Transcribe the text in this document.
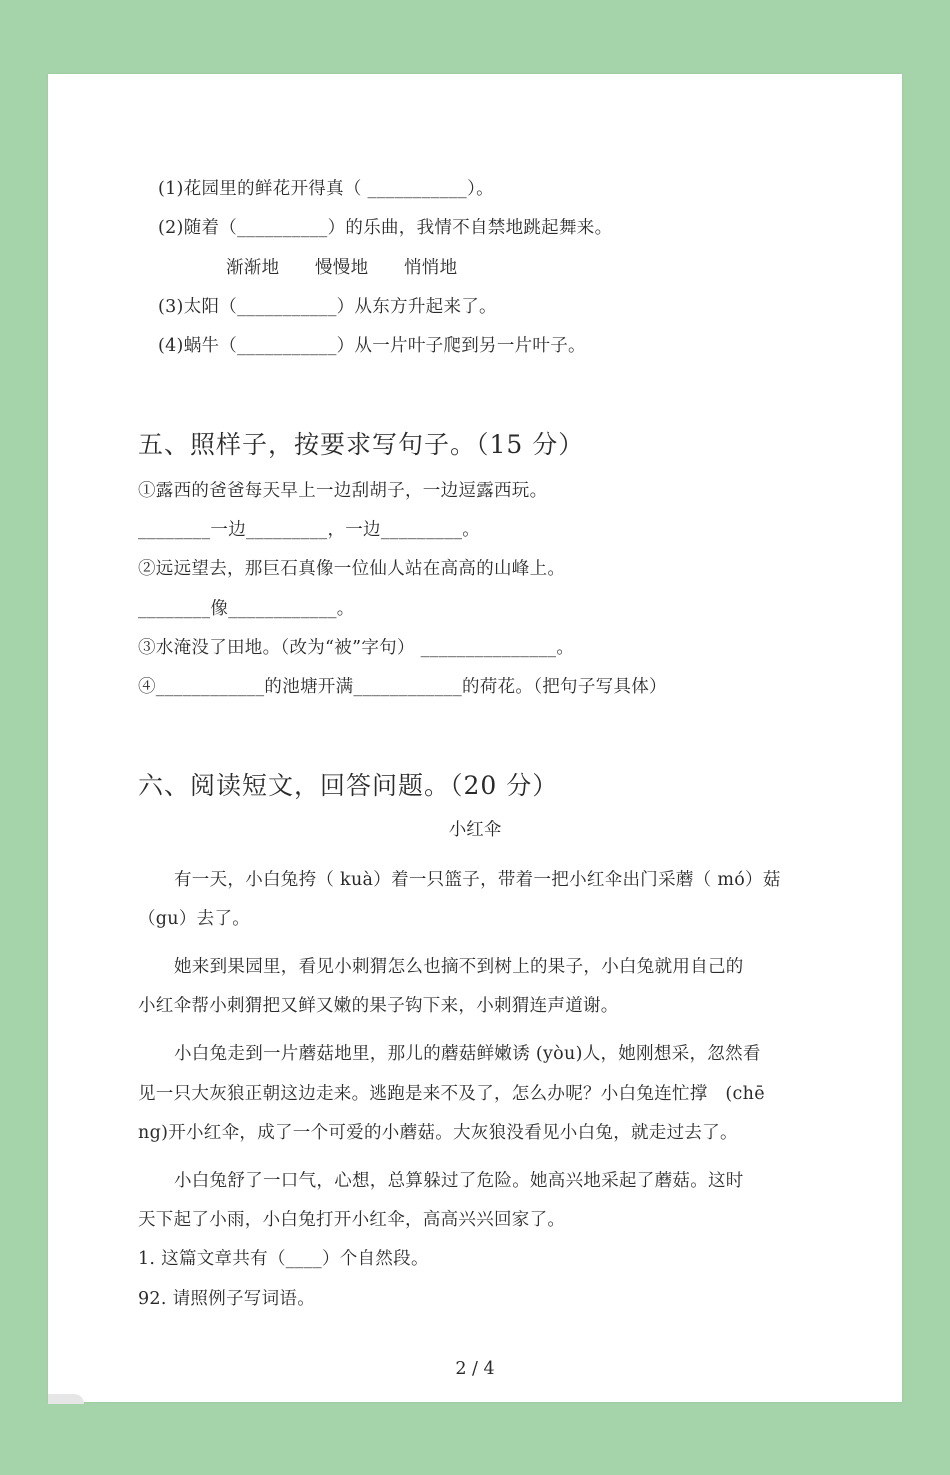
(1)花园里的鲜花开得真（ ___________）。
(2)随着（__________）的乐曲，我情不自禁地跳起舞来。
渐渐地　　慢慢地　　悄悄地
(3)太阳（___________）从东方升起来了。
(4)蜗牛（___________）从一片叶子爬到另一片叶子。
五、照样子，按要求写句子。（15 分）
①露西的爸爸每天早上一边刮胡子，一边逗露西玩。
________一边_________，一边_________。
②远远望去，那巨石真像一位仙人站在高高的山峰上。
________像____________。
③水淹没了田地。（改为“被”字句） _______________。
④____________的池塘开满____________的荷花。（把句子写具体）
六、阅读短文，回答问题。（20 分）
小红伞
有一天，小白兔挎（ kuà）着一只篮子，带着一把小红伞出门采蘑（ mó）菇
（gu）去了。
她来到果园里，看见小刺猬怎么也摘不到树上的果子，小白兔就用自己的
小红伞帮小刺猬把又鲜又嫩的果子钩下来，小刺猬连声道谢。
小白兔走到一片蘑菇地里，那儿的蘑菇鲜嫩诱 (yòu)人，她刚想采，忽然看
见一只大灰狼正朝这边走来。逃跑是来不及了，怎么办呢？小白兔连忙撑　(chē
ng)开小红伞，成了一个可爱的小蘑菇。大灰狼没看见小白兔，就走过去了。
小白兔舒了一口气，心想，总算躲过了危险。她高兴地采起了蘑菇。这时
天下起了小雨，小白兔打开小红伞，高高兴兴回家了。
1. 这篇文章共有（____）个自然段。
92. 请照例子写词语。
2 / 4
